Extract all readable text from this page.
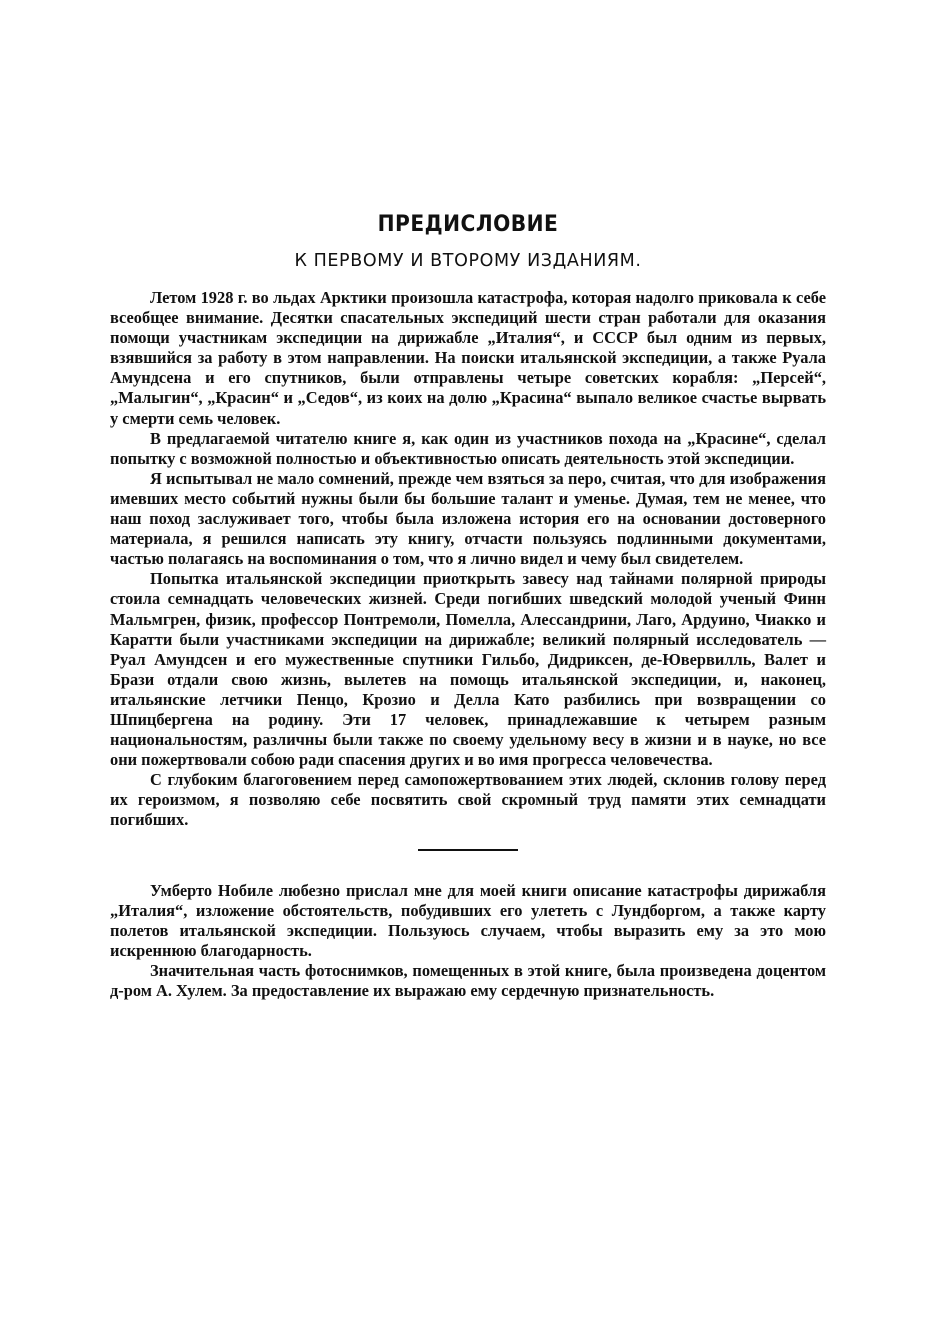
ПРЕДИСЛОВИЕ
К ПЕРВОМУ И ВТОРОМУ ИЗДАНИЯМ.

Летом 1928 г. во льдах Арктики произошла катастрофа, которая надолго приковала к себе всеобщее внимание. Десятки спасательных экспедиций шести стран работали для оказания помощи участникам экспедиции на дирижабле „Италия“, и СССР был одним из первых, взявшийся за работу в этом направлении. На поиски итальянской экспедиции, а также Руала Амундсена и его спутников, были отправлены четыре советских корабля: „Персей“, „Малыгин“, „Красин“ и „Седов“, из коих на долю „Красина“ выпало великое счастье вырвать у смерти семь человек.

В предлагаемой читателю книге я, как один из участников похода на „Красине“, сделал попытку с возможной полностью и объективностью описать деятельность этой экспедиции.

Я испытывал не мало сомнений, прежде чем взяться за перо, считая, что для изображения имевших место событий нужны были бы большие талант и уменье. Думая, тем не менее, что наш поход заслуживает того, чтобы была изложена история его на основании достоверного материала, я решился написать эту книгу, отчасти пользуясь подлинными документами, частью полагаясь на воспоминания о том, что я лично видел и чему был свидетелем.

Попытка итальянской экспедиции приоткрыть завесу над тайнами полярной природы стоила семнадцать человеческих жизней. Среди погибших шведский молодой ученый Финн Мальмгрен, физик, профессор Понтремоли, Помелла, Алессандрини, Лаго, Ардуино, Чиакко и Каратти были участниками экспедиции на дирижабле; великий полярный исследователь — Руал Амундсен и его мужественные спутники Гильбо, Дидриксен, де-Ювервилль, Валет и Брази отдали свою жизнь, вылетев на помощь итальянской экспедиции, и, наконец, итальянские летчики Пенцо, Крозио и Делла Като разбились при возвращении со Шпицбергена на родину. Эти 17 человек, принадлежавшие к четырем разным национальностям, различны были также по своему удельному весу в жизни и в науке, но все они пожертвовали собою ради спасения других и во имя прогресса человечества.

С глубоким благоговением перед самопожертвованием этих людей, склонив голову перед их героизмом, я позволяю себе посвятить свой скромный труд памяти этих семнадцати погибших.

Умберто Нобиле любезно прислал мне для моей книги описание катастрофы дирижабля „Италия“, изложение обстоятельств, побудивших его улететь с Лундборгом, а также карту полетов итальянской экспедиции. Пользуюсь случаем, чтобы выразить ему за это мою искреннюю благодарность.

Значительная часть фотоснимков, помещенных в этой книге, была произведена доцентом д-ром А. Хулем. За предоставление их выражаю ему сердечную признательность.
